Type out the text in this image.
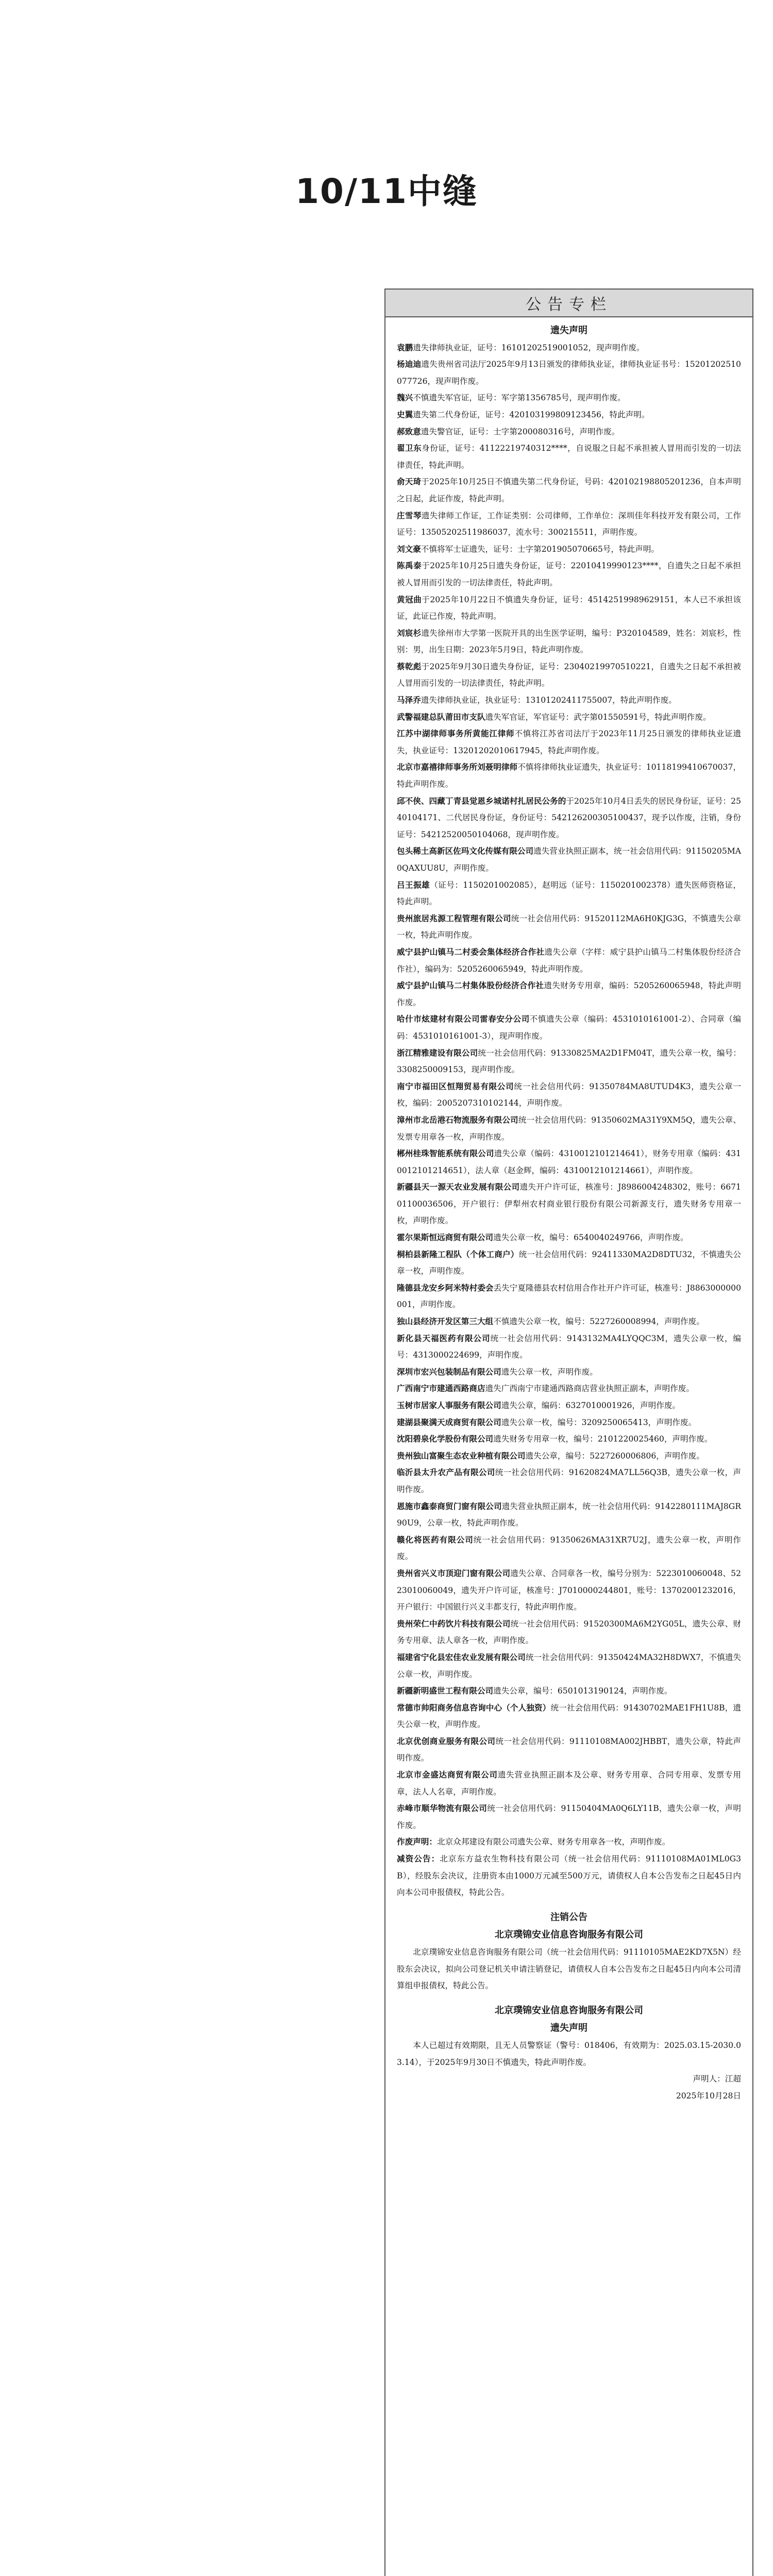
10/11中缝
公告专栏
遗失声明

袁鹏遗失律师执业证，证号：16101202519001052，现声明作废。

杨迪迪遗失贵州省司法厅2025年9月13日颁发的律师执业证，律师执业证书号：15201202510077726，现声明作废。

魏兴不慎遗失军官证，证号：军字第1356785号，现声明作废。

史翼遗失第二代身份证，证号：420103199809123456，特此声明。

郝致意遗失警官证，证号：士字第200080316号，声明作废。

翟卫东身份证，证号：41122219740312****，自说服之日起不承担被人冒用而引发的一切法律责任，特此声明。

俞天琦于2025年10月25日不慎遗失第二代身份证，号码：420102198805201236，自本声明之日起，此证作废，特此声明。

庄雪琴遗失律师工作证，工作证类别：公司律师，工作单位：深圳佳年科技开发有限公司，工作证号：13505202511986037，流水号：300215511，声明作废。

刘文豪不慎将军士证遗失，证号：士字第201905070665号，特此声明。

陈禹泰于2025年10月25日遗失身份证，证号：22010419990123****，自遗失之日起不承担被人冒用而引发的一切法律责任，特此声明。

黄冠曲于2025年10月22日不慎遗失身份证，证号：45142519989629151，本人已不承担该证，此证已作废，特此声明。

刘宸杉遗失徐州市大学第一医院开具的出生医学证明，编号：P320104589，姓名：刘宸杉，性别：男，出生日期：2023年5月9日，特此声明作废。

蔡乾彪于2025年9月30日遗失身份证，证号：23040219970510221，自遗失之日起不承担被人冒用而引发的一切法律责任，特此声明。

马泽乔遗失律师执业证，执业证号：13101202411755007，特此声明作废。

武警福建总队莆田市支队遗失军官证，军官证号：武字第01550591号，特此声明作废。

江苏中湖律师事务所黄能江律师不慎将江苏省司法厅于2023年11月25日颁发的律师执业证遗失，执业证号：13201202010617945，特此声明作废。

北京市嘉禧律师事务所刘聂明律师不慎将律师执业证遗失，执业证号：10118199410670037，特此声明作废。

邱不侠、四藏丁青县觉恩乡城诺村扎居民公务的于2025年10月4日丢失的居民身份证，证号：2540104171、二代居民身份证，身份证号：542126200305100437，现予以作废，注销，身份证号：54212520050104068，现声明作废。

包头稀土高新区佐玛文化传媒有限公司遗失营业执照正副本，统一社会信用代码：91150205MA0QAXUU8U，声明作废。

吕王振雄（证号：1150201002085），赵明远（证号：1150201002378）遗失医师资格证，特此声明。

贵州旅居兆源工程管理有限公司统一社会信用代码：91520112MA6H0KJG3G，不慎遗失公章一枚，特此声明作废。

威宁县护山镇马二村委会集体经济合作社遗失公章（字样：威宁县护山镇马二村集体股份经济合作社），编码为：5205260065949，特此声明作废。

威宁县护山镇马二村集体股份经济合作社遗失财务专用章，编码：5205260065948，特此声明作废。

哈什市炫建材有限公司雷春安分公司不慎遗失公章（编码：4531010161001-2）、合同章（编码：4531010161001-3），现声明作废。

浙江精雅建设有限公司统一社会信用代码：91330825MA2D1FM04T，遗失公章一枚，编号：3308250009153，现声明作废。

南宁市福田区恒翔贸易有限公司统一社会信用代码：91350784MA8UTUD4K3，遗失公章一枚，编码：2005207310102144，声明作废。

漳州市北岳港石物流服务有限公司统一社会信用代码：91350602MA31Y9XM5Q，遗失公章、发票专用章各一枚，声明作废。

郴州桂珠智能系统有限公司遗失公章（编码：4310012101214641），财务专用章（编码：4310012101214651），法人章（赵金辉，编码：4310012101214661），声明作废。

新疆县天一源天农业发展有限公司遗失开户许可证，核准号：J8986004248302，账号：667101100036506，开户银行：伊犁州农村商业银行股份有限公司新源支行，遗失财务专用章一枚，声明作废。

霍尔果斯恒远商贸有限公司遗失公章一枚，编号：6540040249766，声明作废。

桐柏县新隆工程队（个体工商户）统一社会信用代码：92411330MA2D8DTU32，不慎遗失公章一枚，声明作废。

隆德县龙安乡阿米特村委会丢失宁夏隆德县农村信用合作社开户许可证，核准号：J8863000000001，声明作废。

独山县经济开发区第三大组不慎遗失公章一枚，编号：5227260008994，声明作废。

新化县天福医药有限公司统一社会信用代码：9143132MA4LYQQC3M，遗失公章一枚，编号：4313000224699，声明作废。

深圳市宏兴包装制品有限公司遗失公章一枚，声明作废。

广西南宁市建通西路商店遗失广西南宁市建通西路商店营业执照正副本，声明作废。

玉树市居家人事服务有限公司遗失公章，编码：6327010001926，声明作废。

建湖县聚满天成商贸有限公司遗失公章一枚，编号：3209250065413，声明作废。

沈阳碧泉化学股份有限公司遗失财务专用章一枚，编号：2101220025460，声明作废。

贵州独山富聚生态农业种植有限公司遗失公章，编号：5227260006806，声明作废。

临沂县太升农产品有限公司统一社会信用代码：91620824MA7LL56Q3B，遗失公章一枚，声明作废。

恩施市鑫泰商贸门窗有限公司遗失营业执照正副本，统一社会信用代码：9142280111MAJ8GR90U9，公章一枚，特此声明作废。

赣化将医药有限公司统一社会信用代码：91350626MA31XR7U2J，遗失公章一枚，声明作废。

贵州省兴义市顶迎门窗有限公司遗失公章、合同章各一枚，编号分别为：5223010060048、5223010060049，遗失开户许可证，核准号：J7010000244801，账号：13702001232016，开户银行：中国银行兴义丰都支行，特此声明作废。

贵州荣仁中药饮片科技有限公司统一社会信用代码：91520300MA6M2YG05L，遗失公章、财务专用章、法人章各一枚，声明作废。

福建省宁化县宏佳农业发展有限公司统一社会信用代码：91350424MA32H8DWX7，不慎遗失公章一枚，声明作废。

新疆新明盛世工程有限公司遗失公章，编号：6501013190124，声明作废。

常德市帅阳商务信息咨询中心（个人独资）统一社会信用代码：91430702MAE1FH1U8B，遗失公章一枚，声明作废。

北京优创商业服务有限公司统一社会信用代码：91110108MA002JHBBT，遗失公章，特此声明作废。

北京市金盛达商贸有限公司遗失营业执照正副本及公章、财务专用章、合同专用章、发票专用章，法人人名章，声明作废。

赤峰市顺华物流有限公司统一社会信用代码：91150404MA0Q6LY11B，遗失公章一枚，声明作废。

作废声明：北京众邦建设有限公司遗失公章、财务专用章各一枚，声明作废。

减资公告：北京东方益农生物科技有限公司（统一社会信用代码：91110108MA01ML0G3B），经股东会决议，注册资本由1000万元减至500万元，请债权人自本公告发布之日起45日内向本公司申报债权，特此公告。

注销公告
北京璞锦安业信息咨询服务有限公司

北京璞锦安业信息咨询服务有限公司（统一社会信用代码：91110105MAE2KD7X5N）经股东会决议，拟向公司登记机关申请注销登记，请债权人自本公告发布之日起45日内向本公司清算组申报债权，特此公告。

北京璞锦安业信息咨询服务有限公司
遗失声明

本人已超过有效期限，且无人员警察证（警号：018406，有效期为：2025.03.15-2030.03.14），于2025年9月30日不慎遗失，特此声明作废。

声明人：江超

2025年10月28日
